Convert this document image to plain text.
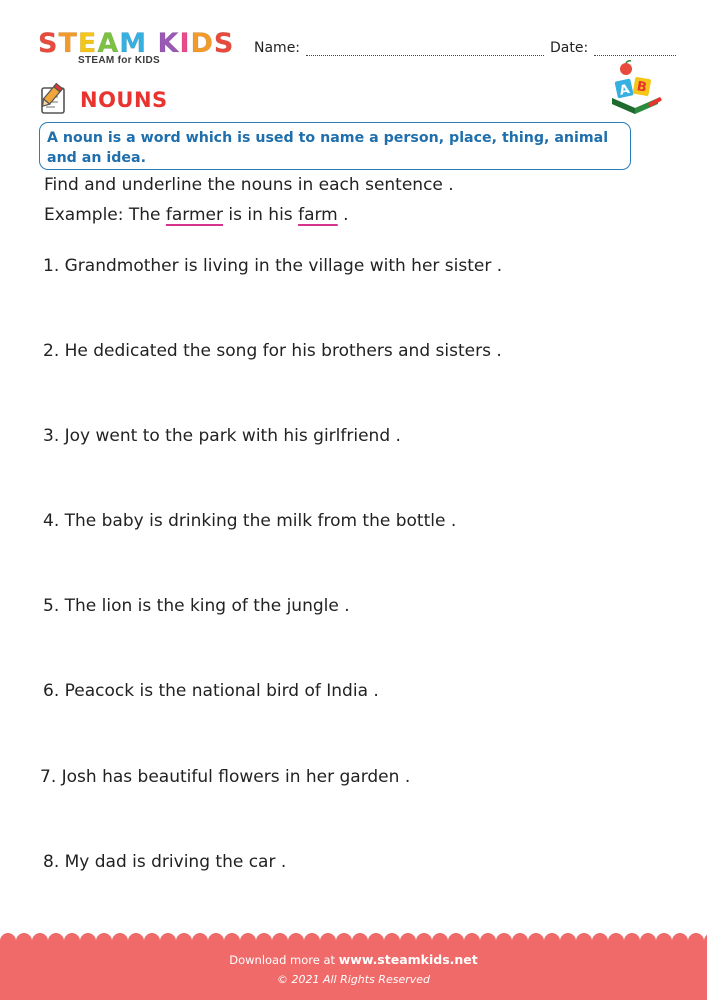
S T E A M
K I D S
STEAM for KIDS
Name:	Date:
NOUNS	A B
A noun is a word which is used to name a person, place, thing, animal and an idea.
Find and underline the nouns in each sentence .
Example: The farmer is in his farm .
1. Grandmother is living in the village with her sister .
2. He dedicated the song for his brothers and sisters .
3. Joy went to the park with his girlfriend .
4. The baby is drinking the milk from the bottle .
5. The lion is the king of the jungle .
6. Peacock is the national bird of India .
7. Josh has beautiful flowers in her garden .
8. My dad is driving the car .
Download more at www.steamkids.net
© 2021 All Rights Reserved
